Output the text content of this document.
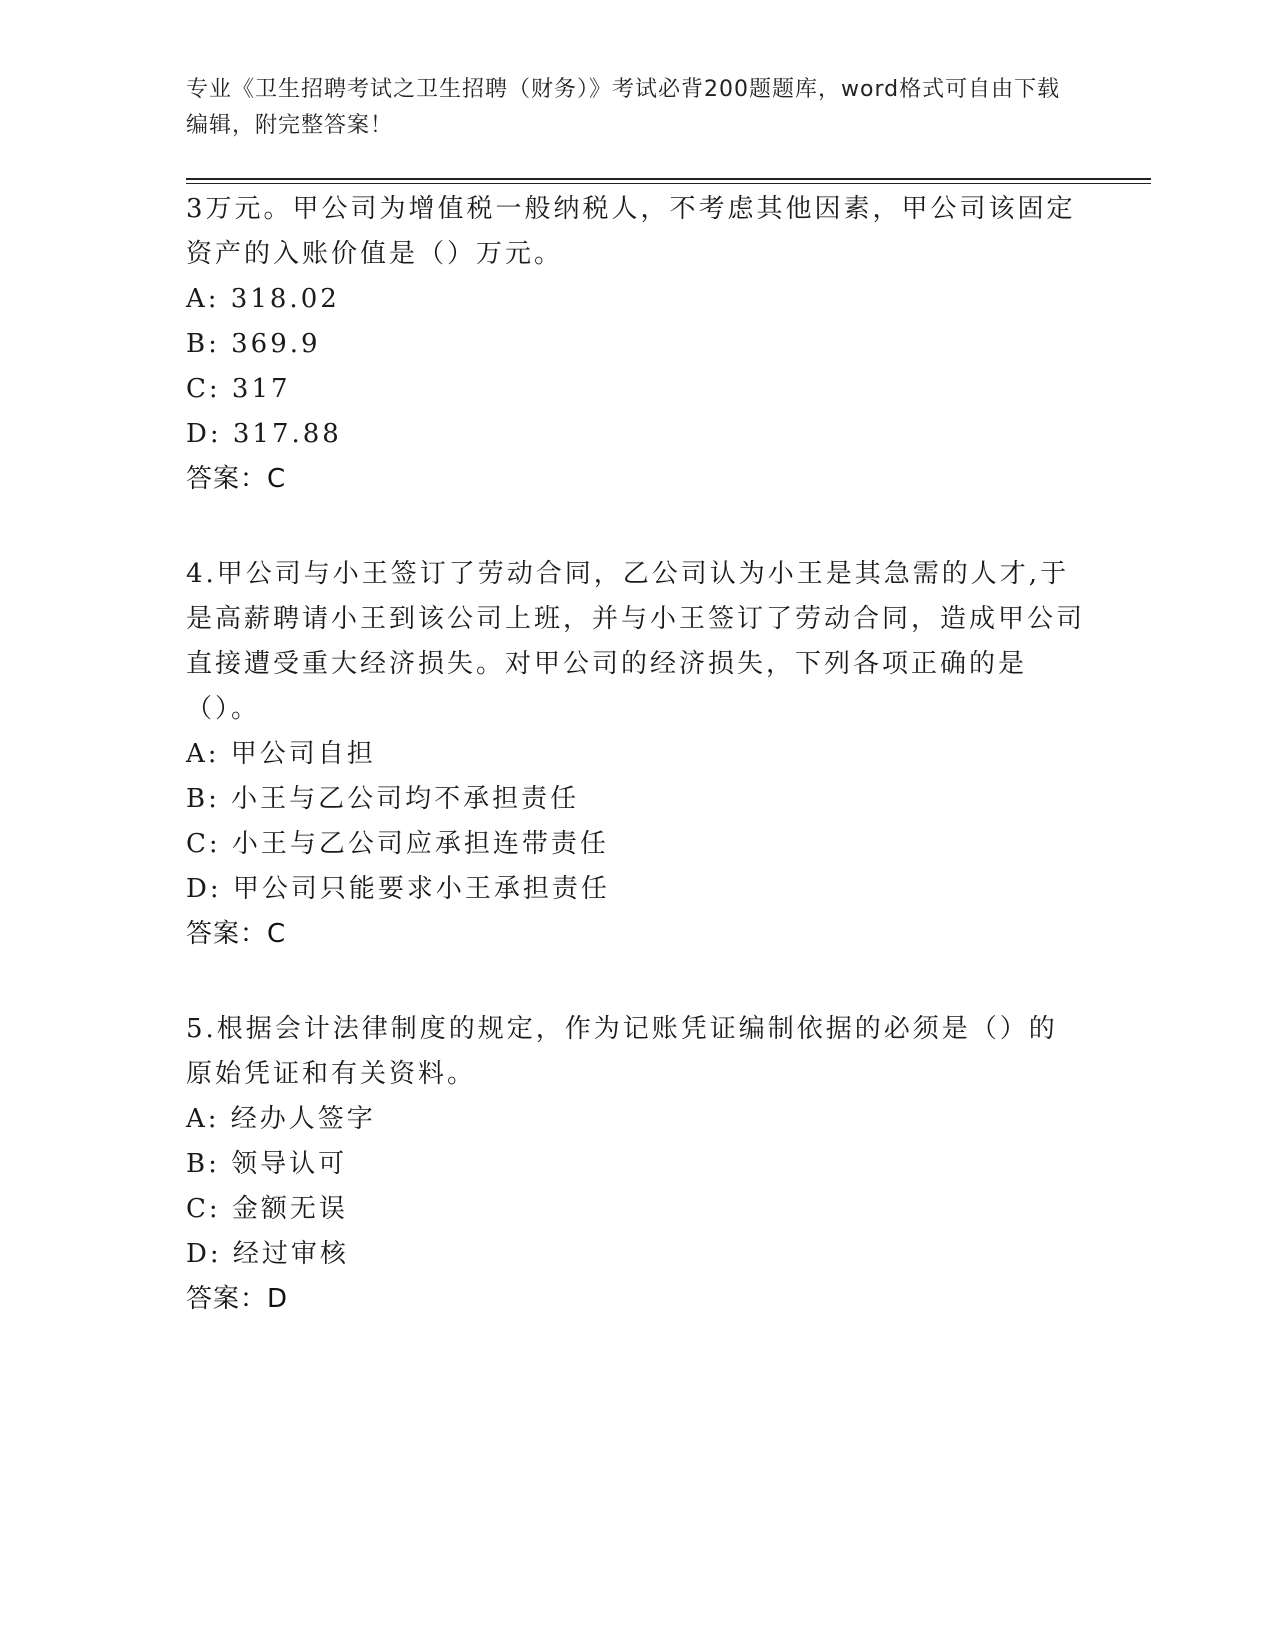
专业《卫生招聘考试之卫生招聘（财务）》考试必背200题题库，word格式可自由下载编辑，附完整答案！

3万元。甲公司为增值税一般纳税人，不考虑其他因素，甲公司该固定资产的入账价值是（）万元。

A: 318.02

B: 369.9

C: 317

D: 317.88

答案：C

4.甲公司与小王签订了劳动合同，乙公司认为小王是其急需的人才,于是高薪聘请小王到该公司上班，并与小王签订了劳动合同，造成甲公司直接遭受重大经济损失。对甲公司的经济损失，下列各项正确的是（）。

A: 甲公司自担

B: 小王与乙公司均不承担责任

C: 小王与乙公司应承担连带责任

D: 甲公司只能要求小王承担责任

答案：C

5.根据会计法律制度的规定，作为记账凭证编制依据的必须是（）的原始凭证和有关资料。

A: 经办人签字

B: 领导认可

C: 金额无误

D: 经过审核

答案：D
